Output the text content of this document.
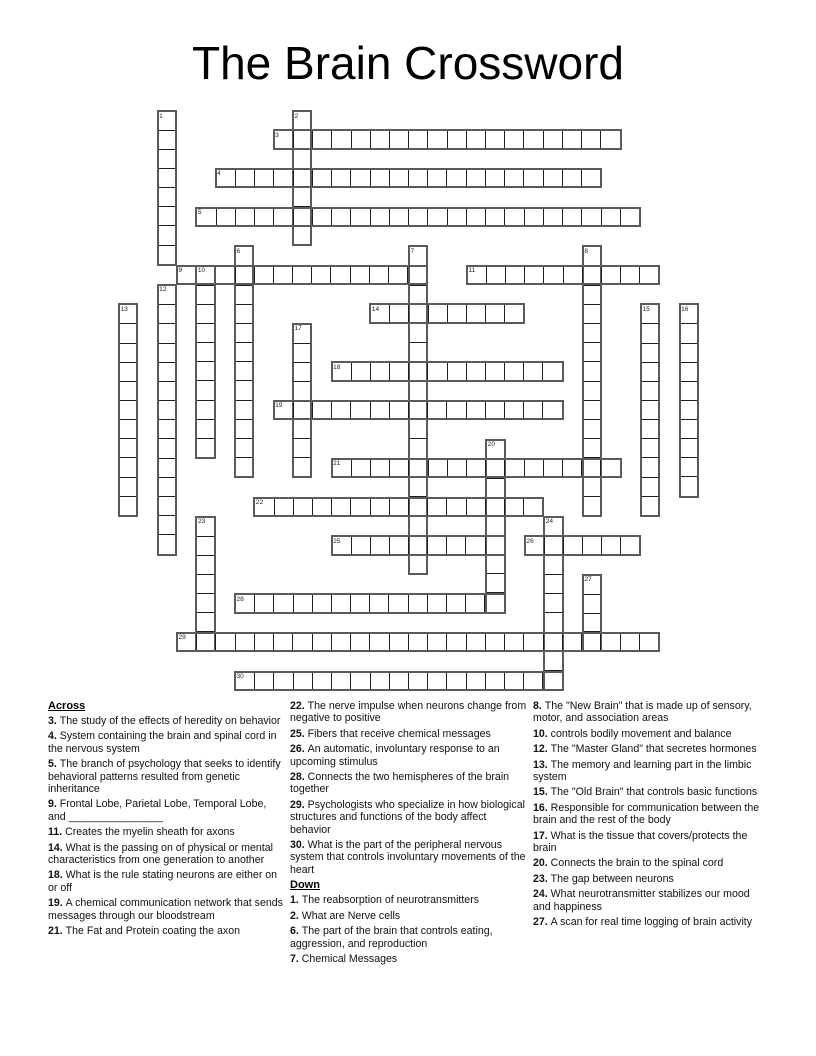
The Brain Crossword
1	2
3
4
5
6	7	8
9 10	11
12
13	14	15	16
17
18
19
20
21
22
23	24
25	26
27
28
29
30
Across

3. The study of the effects of heredity on behavior

4. System containing the brain and spinal cord in the nervous system

5. The branch of psychology that seeks to identify behavioral patterns resulted from genetic inheritance

9. Frontal Lobe, Parietal Lobe, Temporal Lobe, and ________________

11. Creates the myelin sheath for axons

14. What is the passing on of physical or mental characteristics from one generation to another

18. What is the rule stating neurons are either on or off

19. A chemical communication network that sends messages through our bloodstream

21. The Fat and Protein coating the axon

22. The nerve impulse when neurons change from negative to positive

25. Fibers that receive chemical messages

26. An automatic, involuntary response to an upcoming stimulus

28. Connects the two hemispheres of the brain together

29. Psychologists who specialize in how biological structures and functions of the body affect behavior

30. What is the part of the peripheral nervous system that controls involuntary movements of the heart

Down

1. The reabsorption of neurotransmitters

2. What are Nerve cells

6. The part of the brain that controls eating, aggression, and reproduction

7. Chemical Messages

8. The "New Brain" that is made up of sensory, motor, and association areas

10. controls bodily movement and balance

12. The "Master Gland" that secretes hormones

13. The memory and learning part in the limbic system

15. The "Old Brain" that controls basic functions

16. Responsible for communication between the brain and the rest of the body

17. What is the tissue that covers/protects the brain

20. Connects the brain to the spinal cord

23. The gap between neurons

24. What neurotransmitter stabilizes our mood and happiness

27. A scan for real time logging of brain activity
